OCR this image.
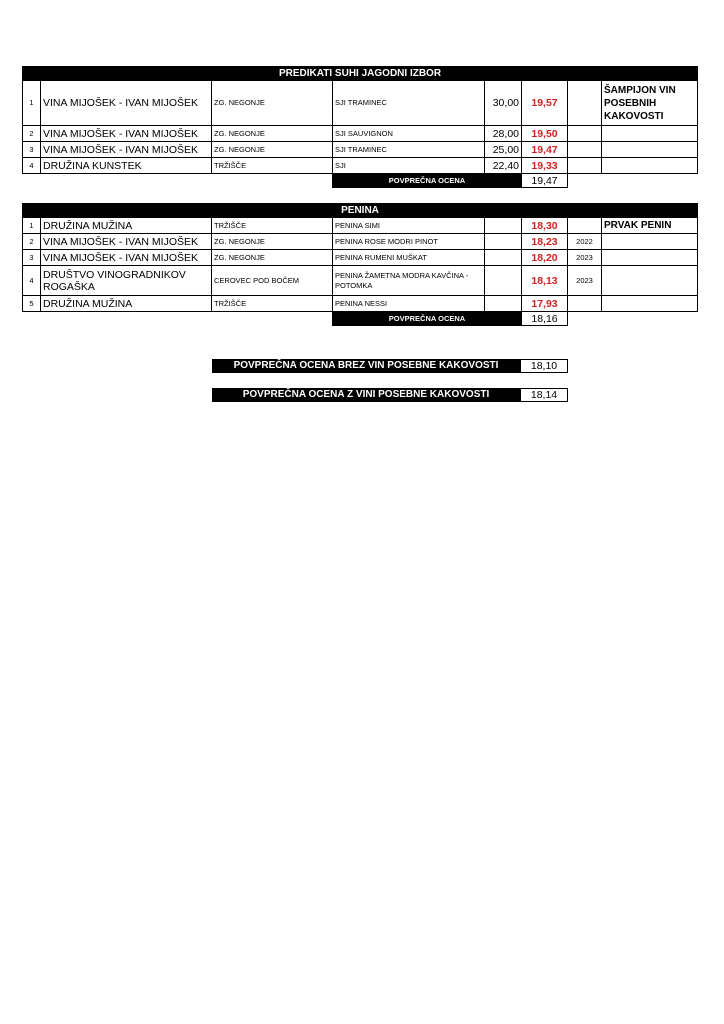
PREDIKATI SUHI JAGODNI IZBOR							
1	VINA MIJOŠEK - IVAN MIJOŠEK	ZG. NEGONJE	SJI TRAMINEC	30,00	19,57		ŠAMPIJON VIN POSEBNIH KAKOVOSTI
2	VINA MIJOŠEK - IVAN MIJOŠEK	ZG. NEGONJE	SJI SAUVIGNON	28,00	19,50		
3	VINA MIJOŠEK - IVAN MIJOŠEK	ZG. NEGONJE	SJI TRAMINEC	25,00	19,47		
4	DRUŽINA KUNSTEK	TRŽIŠČE	SJI	22,40	19,33		
			POVPREČNA OCENA		19,47		
PENINA							
1	DRUŽINA MUŽINA	TRŽIŠČE	PENINA SIMI		18,30		PRVAK PENIN
2	VINA MIJOŠEK - IVAN MIJOŠEK	ZG. NEGONJE	PENINA ROSE MODRI PINOT		18,23	2022	
3	VINA MIJOŠEK - IVAN MIJOŠEK	ZG. NEGONJE	PENINA RUMENI MUŠKAT		18,20	2023	
4	DRUŠTVO VINOGRADNIKOV ROGAŠKA	CEROVEC POD BOČEM	PENINA ŽAMETNA MODRA KAVČINA - POTOMKA		18,13	2023	
5	DRUŽINA MUŽINA	TRŽIŠČE	PENINA NESSI		17,93		
			POVPREČNA OCENA		18,16		
POVPREČNA OCENA BREZ VIN POSEBNE KAKOVOSTI	18,10
POVPREČNA OCENA Z VINI POSEBNE KAKOVOSTI	18,14
